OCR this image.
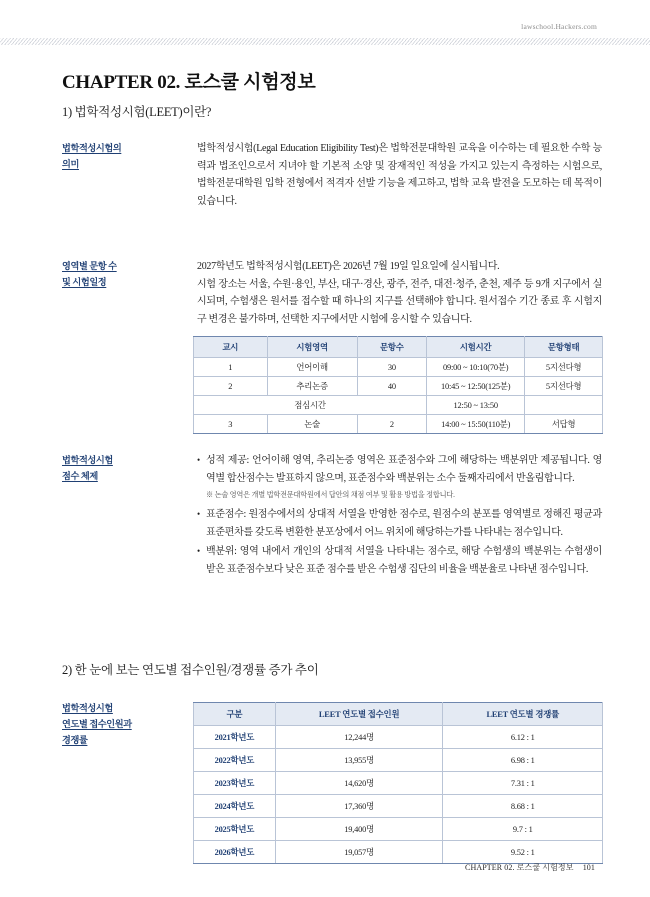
lawschool.Hackers.com
CHAPTER 02. 로스쿨 시험정보
1) 법학적성시험(LEET)이란?
법학적성시험의
의미
법학적성시험(Legal Education Eligibility Test)은 법학전문대학원 교육을 이수하는 데 필요한 수학 능력과 법조인으로서 지녀야 할 기본적 소양 및 잠재적인 적성을 가지고 있는지 측정하는 시험으로, 법학전문대학원 입학 전형에서 적격자 선발 기능을 제고하고, 법학 교육 발전을 도모하는 데 목적이 있습니다.
영역별 문항 수
및 시험일정
2027학년도 법학적성시험(LEET)은 2026년 7월 19일 일요일에 실시됩니다.
시험 장소는 서울, 수원·용인, 부산, 대구·경산, 광주, 전주, 대전·청주, 춘천, 제주 등 9개 지구에서 실시되며, 수험생은 원서를 접수할 때 하나의 지구를 선택해야 합니다. 원서접수 기간 종료 후 시험지구 변경은 불가하며, 선택한 지구에서만 시험에 응시할 수 있습니다.
교시	시험영역	문항수	시험시간	문항형태
1	언어이해	30	09:00 ~ 10:10(70분)	5지선다형
2	추리논증	40	10:45 ~ 12:50(125분)	5지선다형
점심시간			12:50 ~ 13:50	
3	논술	2	14:00 ~ 15:50(110분)	서답형
법학적성시험
점수 체제
• 성적 제공: 언어이해 영역, 추리논증 영역은 표준점수와 그에 해당하는 백분위만 제공됩니다. 영역별 합산점수는 발표하지 않으며, 표준점수와 백분위는 소수 둘째자리에서 반올림합니다.
※ 논술 영역은 개별 법학전문대학원에서 답안의 채점 여부 및 활용 방법을 정합니다.
• 표준점수: 원점수에서의 상대적 서열을 반영한 점수로, 원점수의 분포를 영역별로 정해진 평균과 표준편차를 갖도록 변환한 분포상에서 어느 위치에 해당하는가를 나타내는 점수입니다.
• 백분위: 영역 내에서 개인의 상대적 서열을 나타내는 점수로, 해당 수험생의 백분위는 수험생이 받은 표준점수보다 낮은 표준 점수를 받은 수험생 집단의 비율을 백분율로 나타낸 점수입니다.
2) 한 눈에 보는 연도별 접수인원/경쟁률 증가 추이
법학적성시험
연도별 접수인원과
경쟁률
구분	LEET 연도별 접수인원	LEET 연도별 경쟁률
2021학년도	12,244명	6.12 : 1
2022학년도	13,955명	6.98 : 1
2023학년도	14,620명	7.31 : 1
2024학년도	17,360명	8.68 : 1
2025학년도	19,400명	9.7 : 1
2026학년도	19,057명	9.52 : 1
CHAPTER 02. 로스쿨 시험정보 101
